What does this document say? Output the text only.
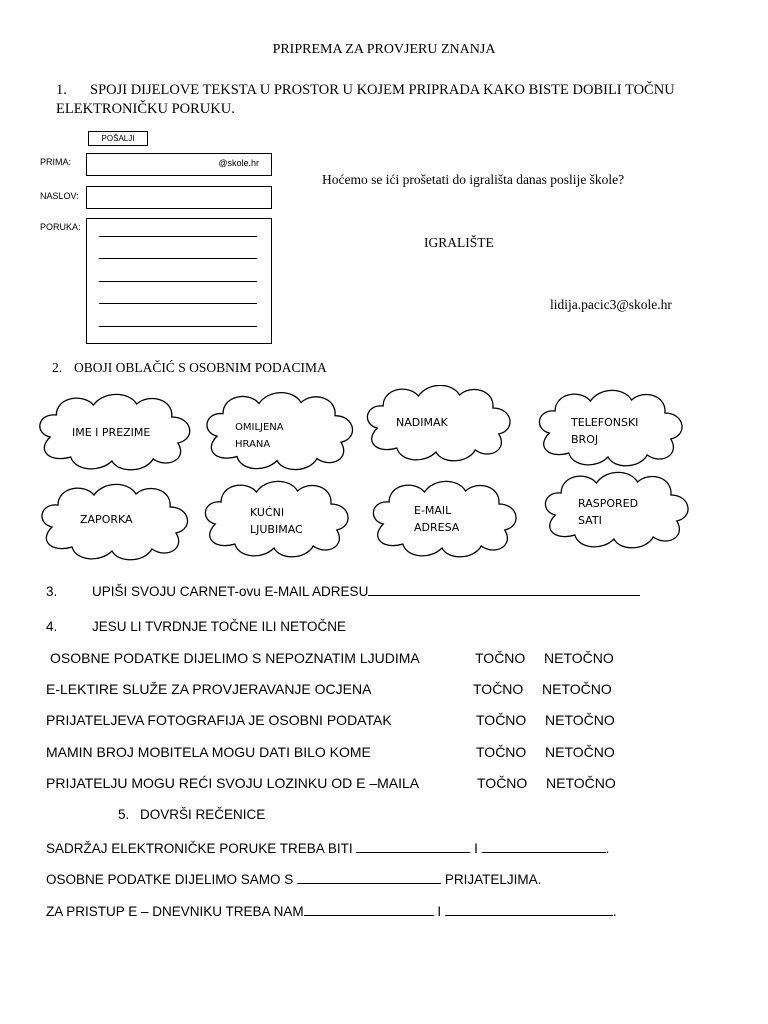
PRIPREMA ZA PROVJERU ZNANJA
1. SPOJI DIJELOVE TEKSTA U PROSTOR U KOJEM PRIPRADA KAKO BISTE DOBILI TOČNU
ELEKTRONIČKU PORUKU.
POŠALJI
PRIMA:	@skole.hr
NASLOV:
PORUKA:
Hoćemo se ići prošetati do igrališta danas poslije škole?
IGRALIŠTE
lidija.pacic3@skole.hr
2. OBOJI OBLAČIĆ S OSOBNIM PODACIMA
IME I PREZIME	OMILJENA
HRANA
NADIMAK	TELEFONSKI
BROJ
ZAPORKA
KUĆNI
LJUBIMAC
E-MAIL
ADRESA
RASPORED
SATI
3.	UPIŠI SVOJU CARNET-ovu E-MAIL ADRESU
4.	JESU LI TVRDNJE TOČNE ILI NETOČNE
OSOBNE PODATKE DIJELIMO S NEPOZNATIM LJUDIMA	TOČNO NETOČNO
E-LEKTIRE SLUŽE ZA PROVJERAVANJE OCJENA	TOČNO NETOČNO
PRIJATELJEVA FOTOGRAFIJA JE OSOBNI PODATAK	TOČNO NETOČNO
MAMIN BROJ MOBITELA MOGU DATI BILO KOME	TOČNO NETOČNO
PRIJATELJU MOGU REĆI SVOJU LOZINKU OD E –MAILA	TOČNO NETOČNO
5. DOVRŠI REČENICE
SADRŽAJ ELEKTRONIČKE PORUKE TREBA BITI	I	.
OSOBNE PODATKE DIJELIMO SAMO S	PRIJATELJIMA.
ZA PRISTUP E – DNEVNIKU TREBA NAM	I	.
